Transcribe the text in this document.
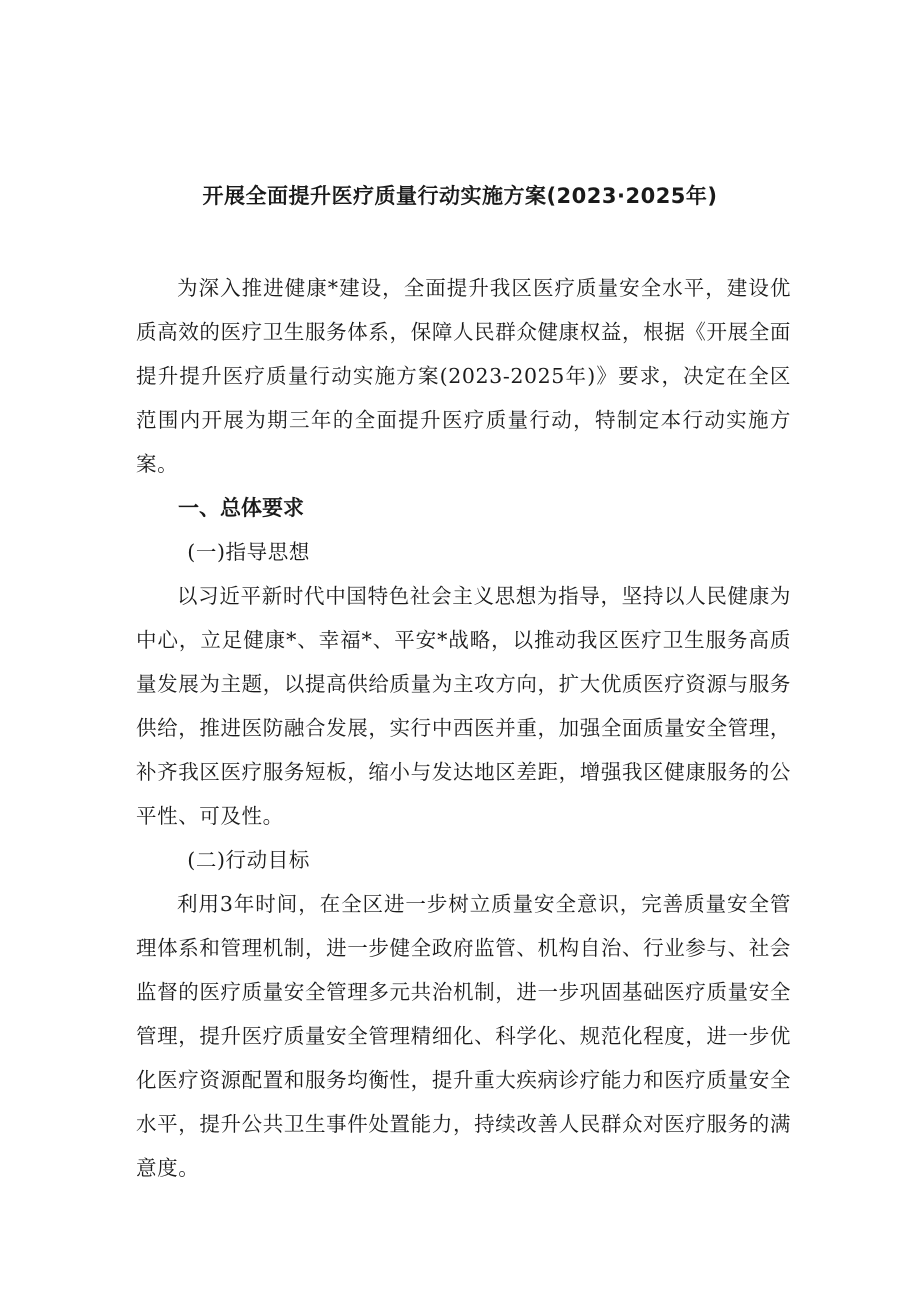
开展全面提升医疗质量行动实施方案(2023·2025年)

为深入推进健康*建设，全面提升我区医疗质量安全水平，建设优质高效的医疗卫生服务体系，保障人民群众健康权益，根据《开展全面提升提升医疗质量行动实施方案(2023-2025年)》要求，决定在全区范围内开展为期三年的全面提升医疗质量行动，特制定本行动实施方案。

一、总体要求

(一)指导思想

以习近平新时代中国特色社会主义思想为指导，坚持以人民健康为中心，立足健康*、幸福*、平安*战略，以推动我区医疗卫生服务高质量发展为主题，以提高供给质量为主攻方向，扩大优质医疗资源与服务供给，推进医防融合发展，实行中西医并重，加强全面质量安全管理，补齐我区医疗服务短板，缩小与发达地区差距，增强我区健康服务的公平性、可及性。

(二)行动目标

利用3年时间，在全区进一步树立质量安全意识，完善质量安全管理体系和管理机制，进一步健全政府监管、机构自治、行业参与、社会监督的医疗质量安全管理多元共治机制，进一步巩固基础医疗质量安全管理，提升医疗质量安全管理精细化、科学化、规范化程度，进一步优化医疗资源配置和服务均衡性，提升重大疾病诊疗能力和医疗质量安全水平，提升公共卫生事件处置能力，持续改善人民群众对医疗服务的满意度。
